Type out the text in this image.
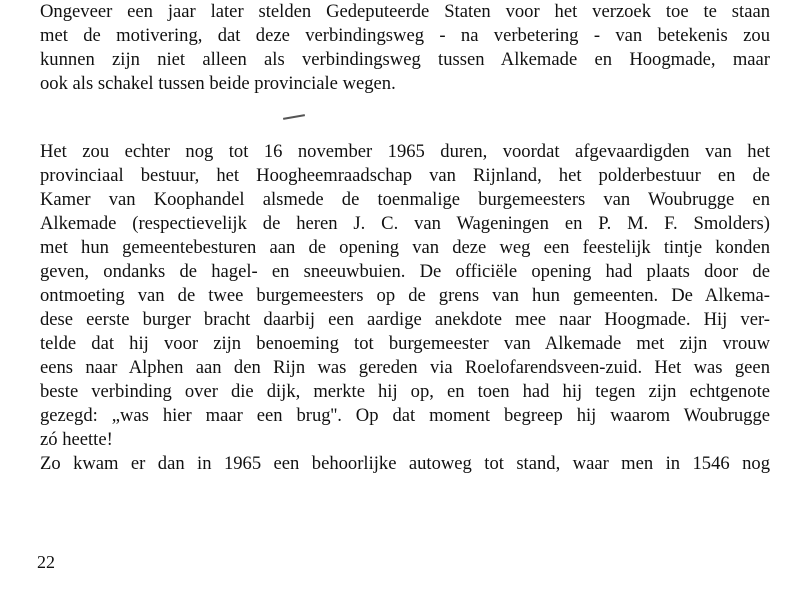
Ongeveer een jaar later stelden Gedeputeerde Staten voor het verzoek toe te staan
met de motivering, dat deze verbindingsweg - na verbetering - van betekenis zou
kunnen zijn niet alleen als verbindingsweg tussen Alkemade en Hoogmade, maar
ook als schakel tussen beide provinciale wegen.
Het zou echter nog tot 16 november 1965 duren, voordat afgevaardigden van het
provinciaal bestuur, het Hoogheemraadschap van Rijnland, het polderbestuur en de
Kamer van Koophandel alsmede de toenmalige burgemeesters van Woubrugge en
Alkemade (respectievelijk de heren J. C. van Wageningen en P. M. F. Smolders)
met hun gemeentebesturen aan de opening van deze weg een feestelijk tintje konden
geven, ondanks de hagel- en sneeuwbuien. De officiële opening had plaats door de
ontmoeting van de twee burgemeesters op de grens van hun gemeenten. De Alkema-
dese eerste burger bracht daarbij een aardige anekdote mee naar Hoogmade. Hij ver-
telde dat hij voor zijn benoeming tot burgemeester van Alkemade met zijn vrouw
eens naar Alphen aan den Rijn was gereden via Roelofarendsveen-zuid. Het was geen
beste verbinding over die dijk, merkte hij op, en toen had hij tegen zijn echtgenote
gezegd: „was hier maar een brug''. Op dat moment begreep hij waarom Woubrugge
zó heette!
Zo kwam er dan in 1965 een behoorlijke autoweg tot stand, waar men in 1546 nog
22
